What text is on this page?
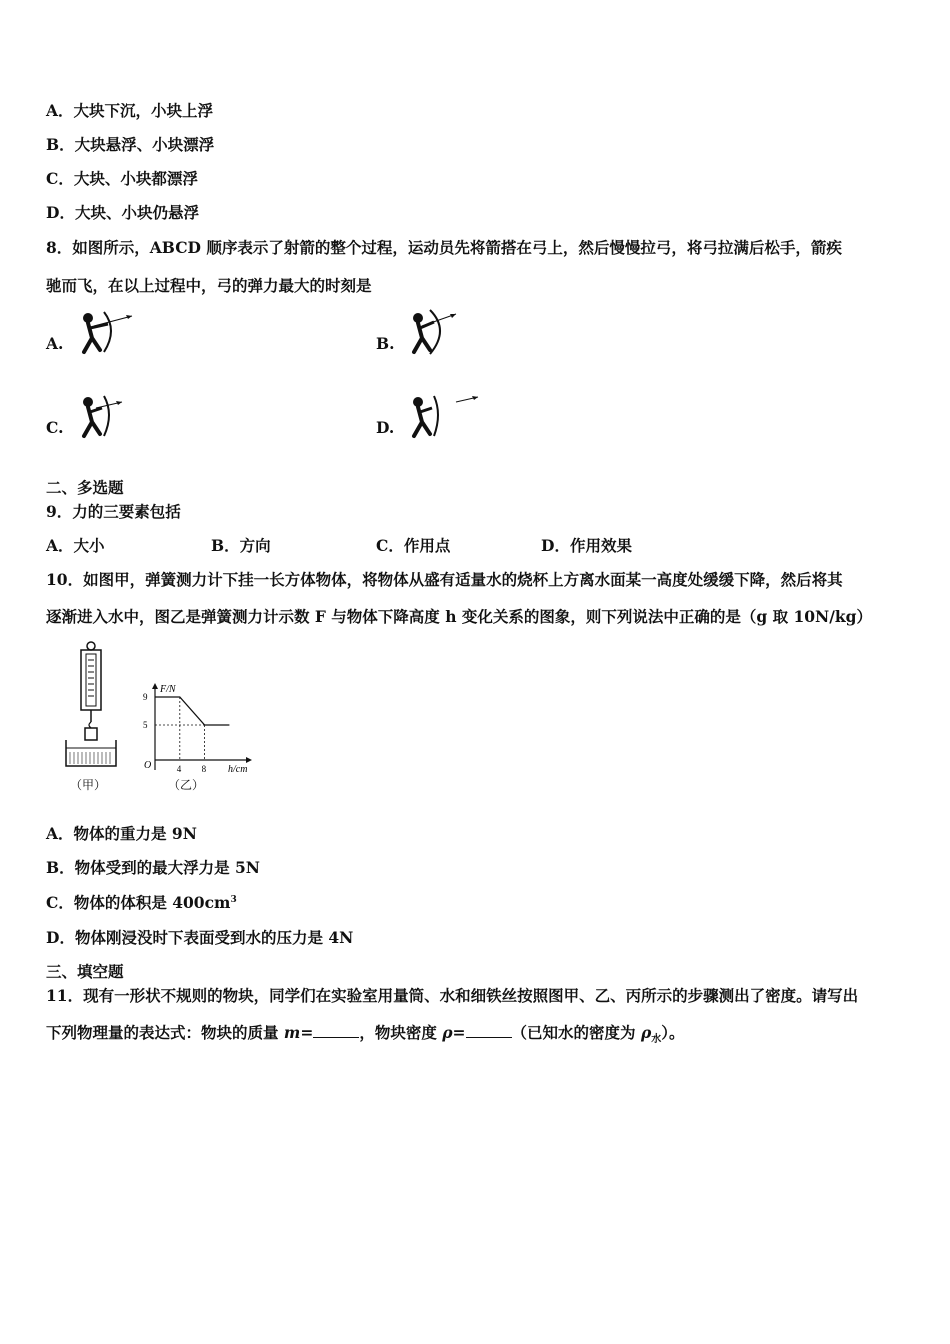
A．大块下沉，小块上浮
B．大块悬浮、小块漂浮
C．大块、小块都漂浮
D．大块、小块仍悬浮
8．如图所示，ABCD 顺序表示了射箭的整个过程，运动员先将箭搭在弓上，然后慢慢拉弓，将弓拉满后松手，箭疾
驰而飞，在以上过程中，弓的弹力最大的时刻是
A.	B.
C.	D.
二、多选题
9．力的三要素包括
A．大小	B．方向	C．作用点	D．作用效果
10．如图甲，弹簧测力计下挂一长方体物体，将物体从盛有适量水的烧杯上方离水面某一高度处缓缓下降，然后将其
逐渐进入水中，图乙是弹簧测力计示数 F 与物体下降高度 h 变化关系的图象，则下列说法中正确的是（g 取 10N/kg）
（甲）
F/N
h/cm
O
9
5
4 8
（乙）
A．物体的重力是 9N
B．物体受到的最大浮力是 5N
C．物体的体积是 $400cm^3$
D．物体刚浸没时下表面受到水的压力是 4N
三、填空题
11．现有一形状不规则的物块，同学们在实验室用量筒、水和细铁丝按照图甲、乙、丙所示的步骤测出了密度。请写出
下列物理量的表达式：物块的质量 m=	，物块密度 ρ=	（已知水的密度为 $\rho_水$）。
